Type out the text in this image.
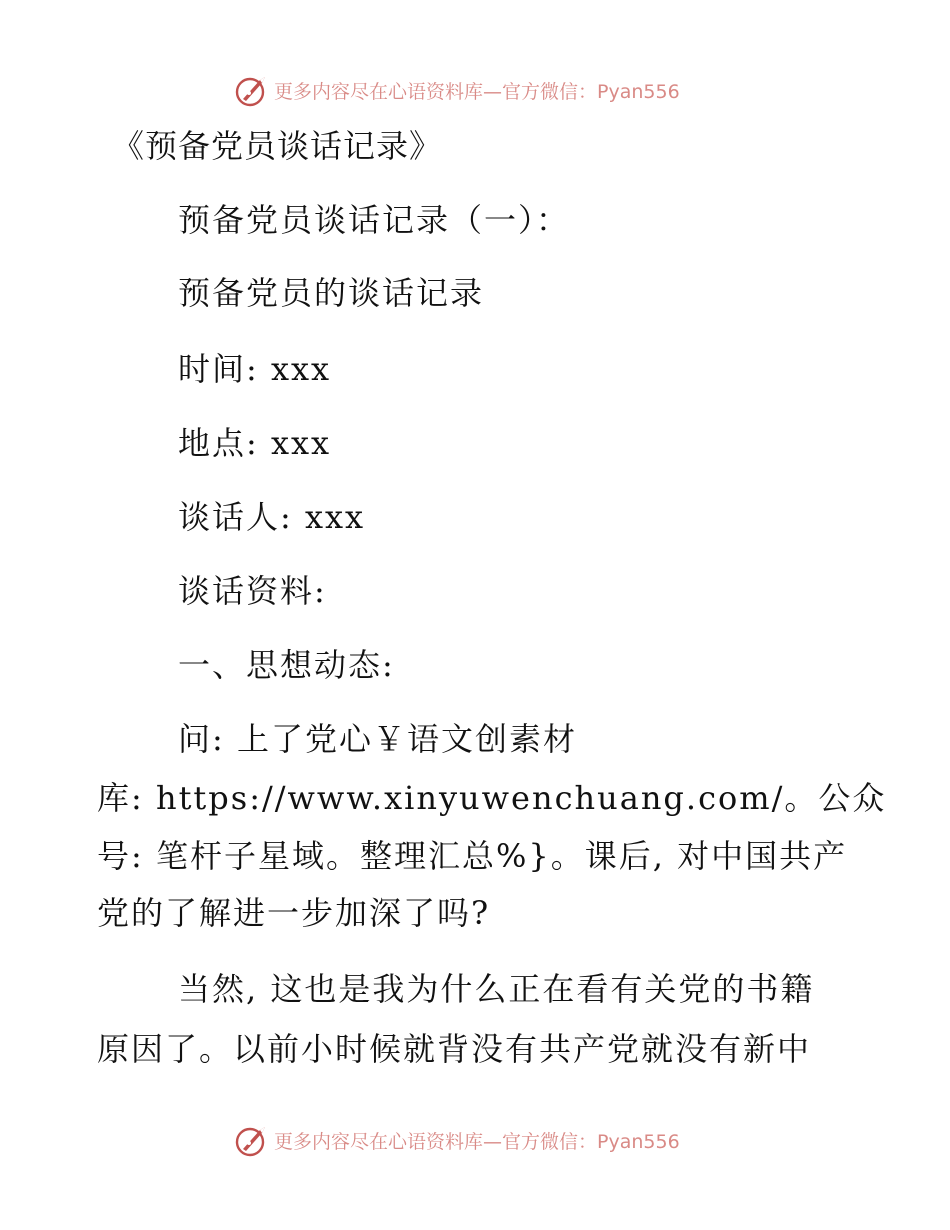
更多内容尽在心语资料库—官方微信：Pyan556
《预备党员谈话记录》
预备党员谈话记录（一）：
预备党员的谈话记录
时间: xxx
地点: xxx
谈话人: xxx
谈话资料:
一、思想动态:
问: 上了党心￥语文创素材
库: https://www.xinyuwenchuang.com/。公众
号: 笔杆子星域。整理汇总%}。课后, 对中国共产
党的了解进一步加深了吗?
当然, 这也是我为什么正在看有关党的书籍
原因了。以前小时候就背没有共产党就没有新中
更多内容尽在心语资料库—官方微信：Pyan556
